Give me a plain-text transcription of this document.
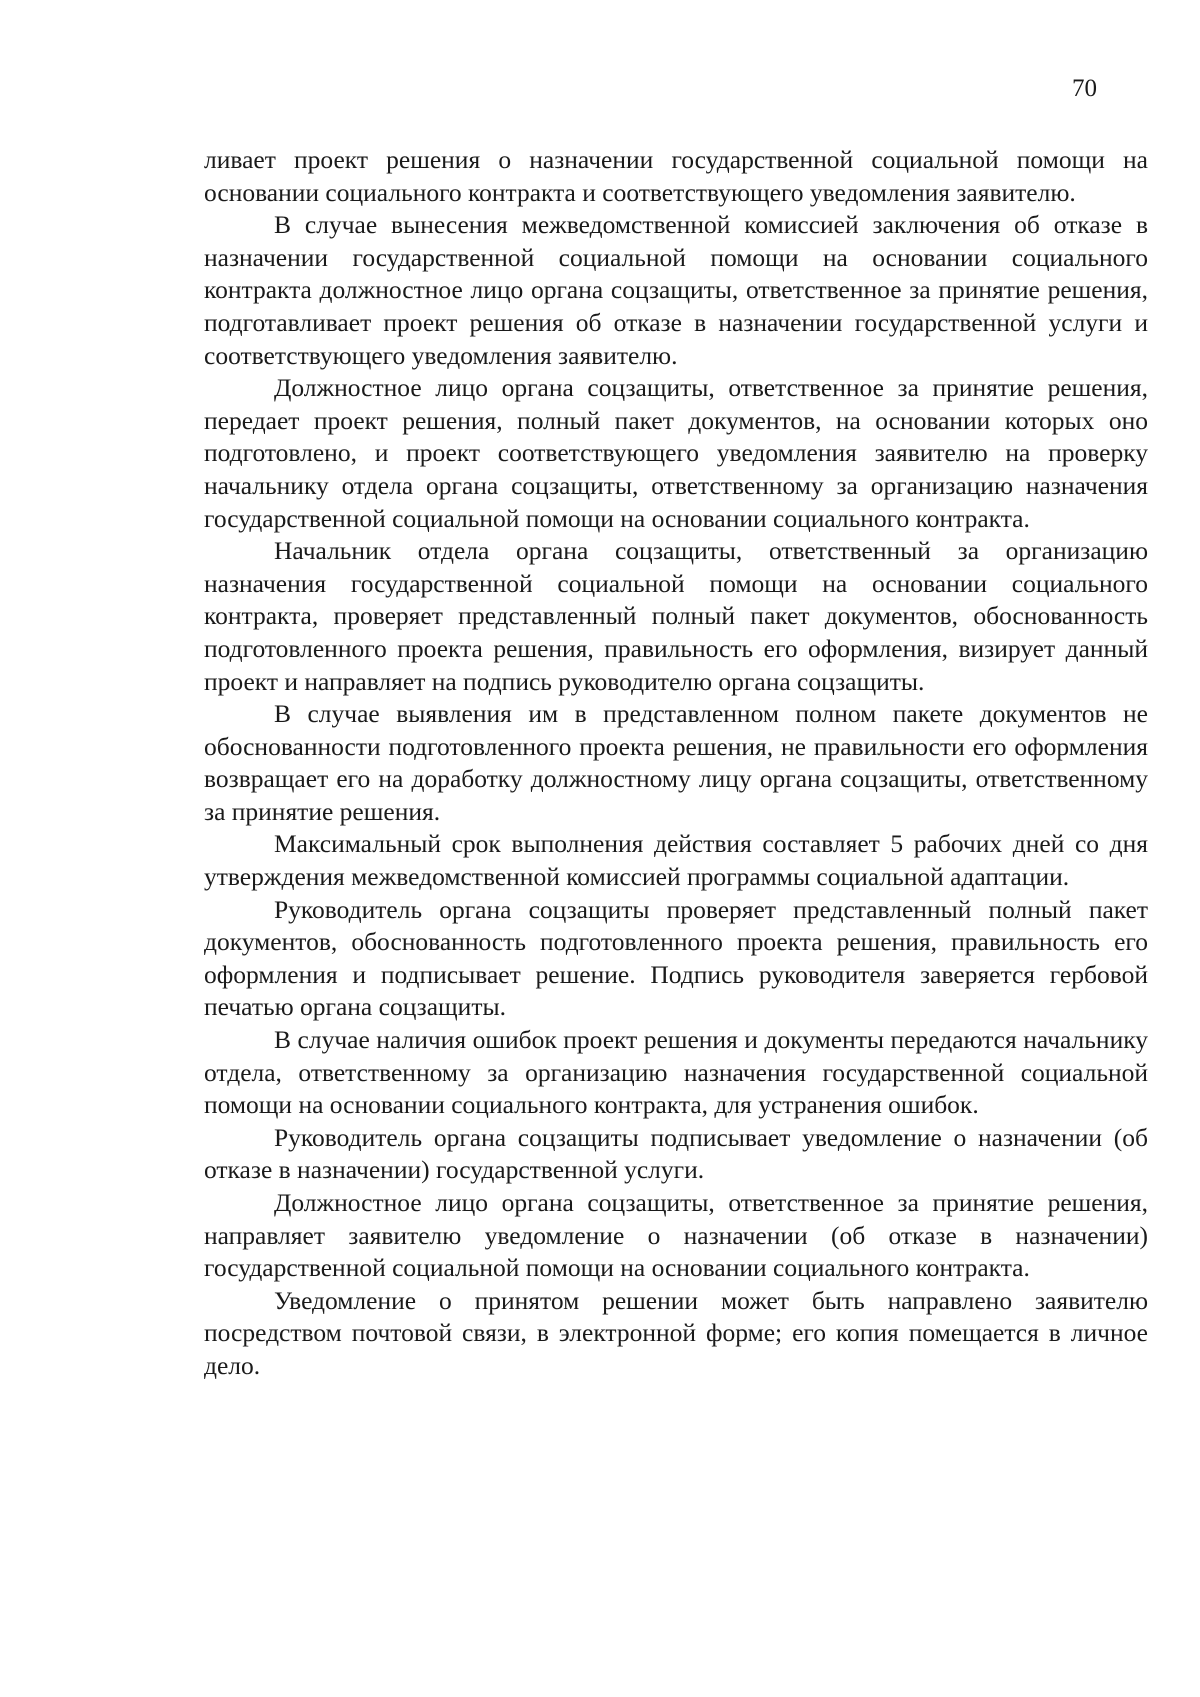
70

ливает проект решения о назначении государственной социальной помощи на основании социального контракта и соответствующего уведомления заявителю.

В случае вынесения межведомственной комиссией заключения об отказе в назначении государственной социальной помощи на основании социального контракта должностное лицо органа соцзащиты, ответственное за принятие решения, подготавливает проект решения об отказе в назначении государственной услуги и соответствующего уведомления заявителю.

Должностное лицо органа соцзащиты, ответственное за принятие решения, передает проект решения, полный пакет документов, на основании которых оно подготовлено, и проект соответствующего уведомления заявителю на проверку начальнику отдела органа соцзащиты, ответственному за организацию назначения государственной социальной помощи на основании социального контракта.

Начальник отдела органа соцзащиты, ответственный за организацию назначения государственной социальной помощи на основании социального контракта, проверяет представленный полный пакет документов, обоснованность подготовленного проекта решения, правильность его оформления, визирует данный проект и направляет на подпись руководителю органа соцзащиты.

В случае выявления им в представленном полном пакете документов не обоснованности подготовленного проекта решения, не правильности его оформления возвращает его на доработку должностному лицу органа соцзащиты, ответственному за принятие решения.

Максимальный срок выполнения действия составляет 5 рабочих дней со дня утверждения межведомственной комиссией программы социальной адаптации.

Руководитель органа соцзащиты проверяет представленный полный пакет документов, обоснованность подготовленного проекта решения, правильность его оформления и подписывает решение. Подпись руководителя заверяется гербовой печатью органа соцзащиты.

В случае наличия ошибок проект решения и документы передаются начальнику отдела, ответственному за организацию назначения государственной социальной помощи на основании социального контракта, для устранения ошибок.

Руководитель органа соцзащиты подписывает уведомление о назначении (об отказе в назначении) государственной услуги.

Должностное лицо органа соцзащиты, ответственное за принятие решения, направляет заявителю уведомление о назначении (об отказе в назначении) государственной социальной помощи на основании социального контракта.

Уведомление о принятом решении может быть направлено заявителю посредством почтовой связи, в электронной форме; его копия помещается в личное дело.
